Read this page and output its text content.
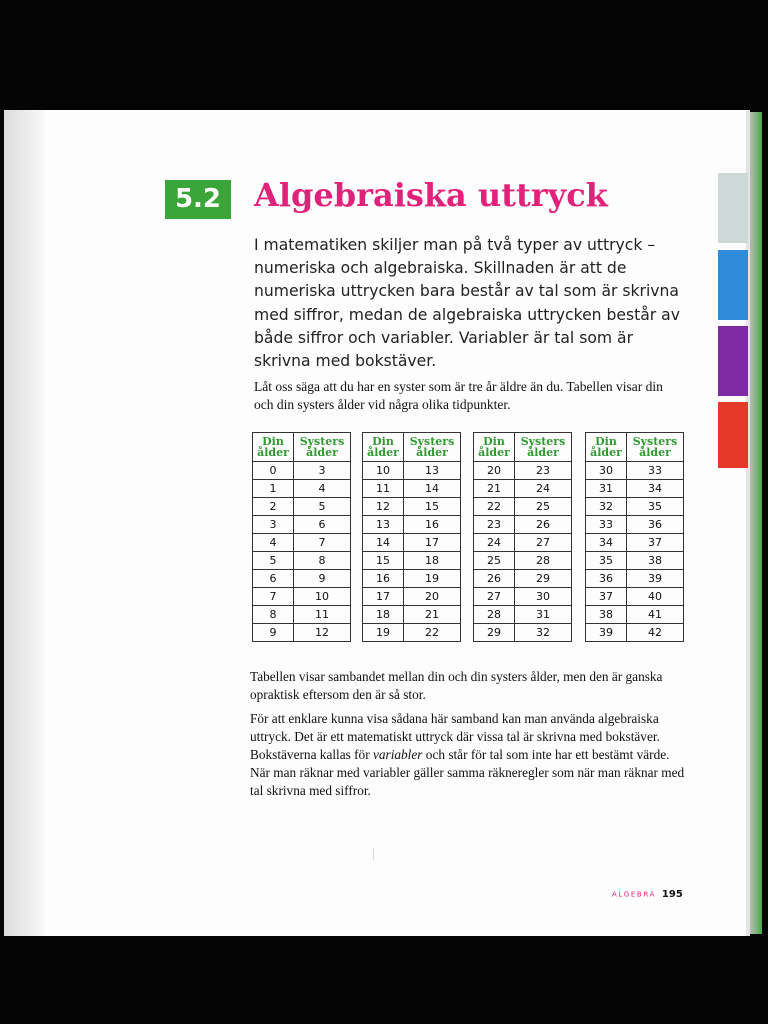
5.2	Algebraiska uttryck

I matematiken skiljer man på två typer av uttryck – numeriska och algebraiska. Skillnaden är att de numeriska uttrycken bara består av tal som är skrivna med siffror, medan de algebraiska uttrycken består av både siffror och variabler. Variabler är tal som är skrivna med bokstäver.

Låt oss säga att du har en syster som är tre år äldre än du. Tabellen visar din och din systers ålder vid några olika tidpunkter.

Din ålder	Systers ålder
0	3
1	4
2	5
3	6
4	7
5	8
6	9
7	10
8	11
9	12
Din ålder	Systers ålder
10	13
11	14
12	15
13	16
14	17
15	18
16	19
17	20
18	21
19	22
Din ålder	Systers ålder
20	23
21	24
22	25
23	26
24	27
25	28
26	29
27	30
28	31
29	32
Din ålder	Systers ålder
30	33
31	34
32	35
33	36
34	37
35	38
36	39
37	40
38	41
39	42

Tabellen visar sambandet mellan din och din systers ålder, men den är ganska opraktisk eftersom den är så stor.

För att enklare kunna visa sådana här samband kan man använda algebraiska uttryck. Det är ett matematiskt uttryck där vissa tal är skrivna med bokstäver. Bokstäverna kallas för variabler och står för tal som inte har ett bestämt värde. När man räknar med variabler gäller samma räkneregler som när man räknar med tal skrivna med siffror.

ALGEBRA 195
